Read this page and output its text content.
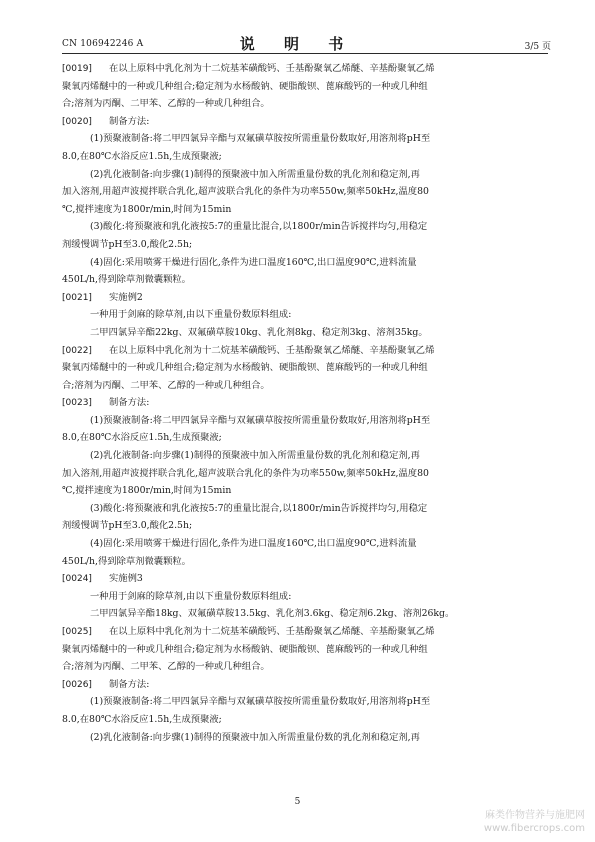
CN 106942246 A	说 明 书	3/5 页
[0019] 在以上原料中乳化剂为十二烷基苯磺酸钙、壬基酚聚氧乙烯醚、辛基酚聚氧乙烯
聚氧丙烯醚中的一种或几种组合;稳定剂为水杨酸钠、硬脂酸钡、蓖麻酸钙的一种或几种组
合;溶剂为丙酮、二甲苯、乙醇的一种或几种组合。
[0020] 制备方法:
(1)预聚液制备:将二甲四氯异辛酯与双氟磺草胺按所需重量份数取好,用溶剂将pH至
8.0,在80℃水浴反应1.5h,生成预聚液;
(2)乳化液制备:向步骤(1)制得的预聚液中加入所需重量份数的乳化剂和稳定剂,再
加入溶剂,用超声波搅拌联合乳化,超声波联合乳化的条件为功率550w,频率50kHz,温度80
℃,搅拌速度为1800r/min,时间为15min
(3)酸化:将预聚液和乳化液按5:7的重量比混合,以1800r/min告诉搅拌均匀,用稳定
剂缓慢调节pH至3.0,酸化2.5h;
(4)固化:采用喷雾干燥进行固化,条件为进口温度160℃,出口温度90℃,进料流量
450L/h,得到除草剂微囊颗粒。
[0021] 实施例2
一种用于剑麻的除草剂,由以下重量份数原料组成:
二甲四氯异辛酯22kg、双氟磺草胺10kg、乳化剂8kg、稳定剂3kg、溶剂35kg。
[0022] 在以上原料中乳化剂为十二烷基苯磺酸钙、壬基酚聚氧乙烯醚、辛基酚聚氧乙烯
聚氧丙烯醚中的一种或几种组合;稳定剂为水杨酸钠、硬脂酸钡、蓖麻酸钙的一种或几种组
合;溶剂为丙酮、二甲苯、乙醇的一种或几种组合。
[0023] 制备方法:
(1)预聚液制备:将二甲四氯异辛酯与双氟磺草胺按所需重量份数取好,用溶剂将pH至
8.0,在80℃水浴反应1.5h,生成预聚液;
(2)乳化液制备:向步骤(1)制得的预聚液中加入所需重量份数的乳化剂和稳定剂,再
加入溶剂,用超声波搅拌联合乳化,超声波联合乳化的条件为功率550w,频率50kHz,温度80
℃,搅拌速度为1800r/min,时间为15min
(3)酸化:将预聚液和乳化液按5:7的重量比混合,以1800r/min告诉搅拌均匀,用稳定
剂缓慢调节pH至3.0,酸化2.5h;
(4)固化:采用喷雾干燥进行固化,条件为进口温度160℃,出口温度90℃,进料流量
450L/h,得到除草剂微囊颗粒。
[0024] 实施例3
一种用于剑麻的除草剂,由以下重量份数原料组成:
二甲四氯异辛酯18kg、双氟磺草胺13.5kg、乳化剂3.6kg、稳定剂6.2kg、溶剂26kg。
[0025] 在以上原料中乳化剂为十二烷基苯磺酸钙、壬基酚聚氧乙烯醚、辛基酚聚氧乙烯
聚氧丙烯醚中的一种或几种组合;稳定剂为水杨酸钠、硬脂酸钡、蓖麻酸钙的一种或几种组
合;溶剂为丙酮、二甲苯、乙醇的一种或几种组合。
[0026] 制备方法:
(1)预聚液制备:将二甲四氯异辛酯与双氟磺草胺按所需重量份数取好,用溶剂将pH至
8.0,在80℃水浴反应1.5h,生成预聚液;
(2)乳化液制备:向步骤(1)制得的预聚液中加入所需重量份数的乳化剂和稳定剂,再
5
麻类作物营养与施肥网
www.fibercrops.com
